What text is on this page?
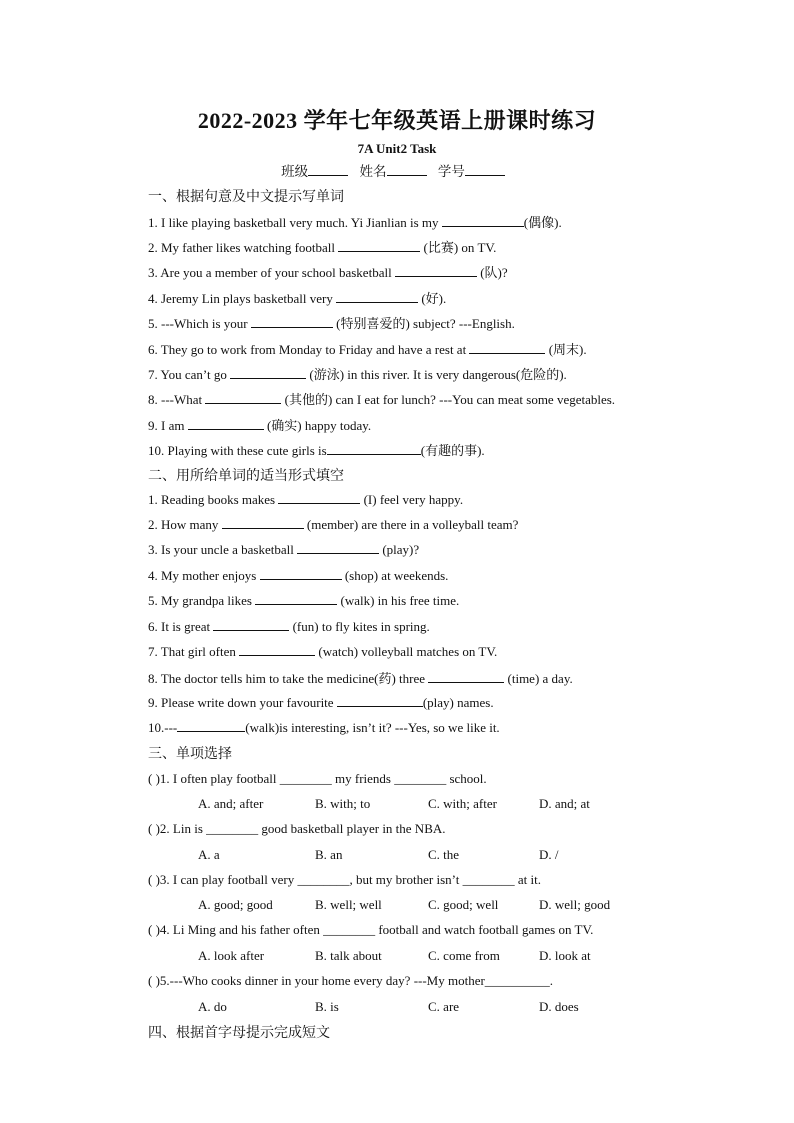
2022-2023 学年七年级英语上册课时练习
7A Unit2 Task
班级	姓名	学号
一、根据句意及中文提示写单词
1. I like playing basketball very much. Yi Jianlian is my	(偶像).
2. My father likes watching football	(比赛) on TV.
3. Are you a member of your school basketball	(队)?
4. Jeremy Lin plays basketball very	(好).
5. ---Which is your	(特别喜爱的) subject? ---English.
6. They go to work from Monday to Friday and have a rest at	(周末).
7. You can’t go	(游泳) in this river. It is very dangerous(危险的).
8. ---What	(其他的) can I eat for lunch? ---You can meat some vegetables.
9. I am	(确实) happy today.
10. Playing with these cute girls is	(有趣的事).
二、用所给单词的适当形式填空
1. Reading books makes	(I) feel very happy.
2. How many	(member) are there in a volleyball team?
3. Is your uncle a basketball	(play)?
4. My mother enjoys	(shop) at weekends.
5. My grandpa likes	(walk) in his free time.
6. It is great	(fun) to fly kites in spring.
7. That girl often	(watch) volleyball matches on TV.
8. The doctor tells him to take the medicine(药) three	(time) a day.
9. Please write down your favourite	(play) names.
10.---	(walk)is interesting, isn’t it? ---Yes, so we like it.
三、单项选择
( )1. I often play football ________ my friends ________ school.
A. and; after	B. with; to	C. with; after	D. and; at
( )2. Lin is ________ good basketball player in the NBA.
A. a	B. an	C. the	D. /
( )3. I can play football very ________, but my brother isn’t ________ at it.
A. good; good	B. well; well	C. good; well	D. well; good
( )4. Li Ming and his father often ________ football and watch football games on TV.
A. look after	B. talk about	C. come from	D. look at
( )5.---Who cooks dinner in your home every day? ---My mother__________.
A. do	B. is	C. are	D. does
四、根据首字母提示完成短文
